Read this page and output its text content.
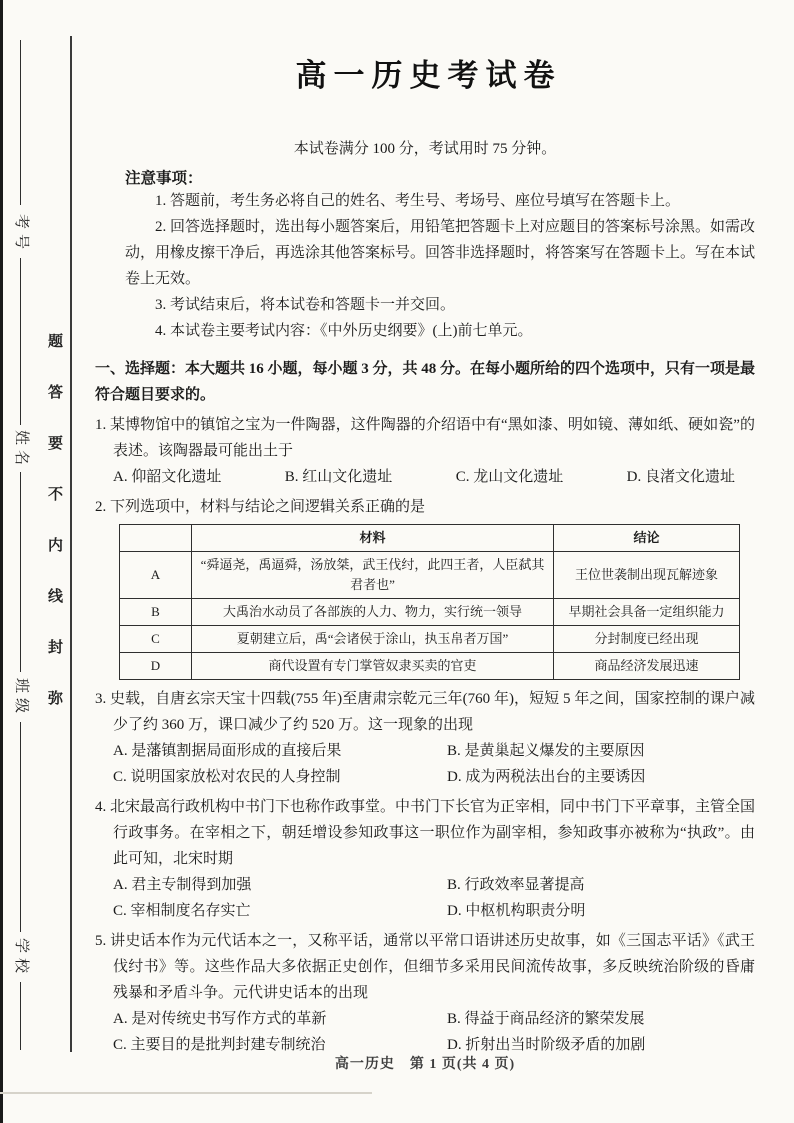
考号
姓名
班级
学校
题答要不内线封弥
高一历史考试卷

本试卷满分 100 分，考试用时 75 分钟。

注意事项：

1. 答题前，考生务必将自己的姓名、考生号、考场号、座位号填写在答题卡上。

2. 回答选择题时，选出每小题答案后，用铅笔把答题卡上对应题目的答案标号涂黑。如需改动，用橡皮擦干净后，再选涂其他答案标号。回答非选择题时，将答案写在答题卡上。写在本试卷上无效。

3. 考试结束后，将本试卷和答题卡一并交回。

4. 本试卷主要考试内容：《中外历史纲要》(上)前七单元。

一、选择题：本大题共 16 小题，每小题 3 分，共 48 分。在每小题所给的四个选项中，只有一项是最符合题目要求的。

1. 某博物馆中的镇馆之宝为一件陶器，这件陶器的介绍语中有“黑如漆、明如镜、薄如纸、硬如瓷”的表述。该陶器最可能出土于

A. 仰韶文化遗址	B. 红山文化遗址	C. 龙山文化遗址	D. 良渚文化遗址

2. 下列选项中，材料与结论之间逻辑关系正确的是

	材料	结论
A	“舜逼尧，禹逼舜，汤放桀，武王伐纣，此四王者，人臣弑其君者也”	王位世袭制出现瓦解迹象
B	大禹治水动员了各部族的人力、物力，实行统一领导	早期社会具备一定组织能力
C	夏朝建立后，禹“会诸侯于涂山，执玉帛者万国”	分封制度已经出现
D	商代设置有专门掌管奴隶买卖的官吏	商品经济发展迅速

3. 史载，自唐玄宗天宝十四载(755 年)至唐肃宗乾元三年(760 年)，短短 5 年之间，国家控制的课户减少了约 360 万，课口减少了约 520 万。这一现象的出现

A. 是藩镇割据局面形成的直接后果	B. 是黄巢起义爆发的主要原因
C. 说明国家放松对农民的人身控制	D. 成为两税法出台的主要诱因

4. 北宋最高行政机构中书门下也称作政事堂。中书门下长官为正宰相，同中书门下平章事，主管全国行政事务。在宰相之下，朝廷增设参知政事这一职位作为副宰相，参知政事亦被称为“执政”。由此可知，北宋时期

A. 君主专制得到加强	B. 行政效率显著提高
C. 宰相制度名存实亡	D. 中枢机构职责分明

5. 讲史话本作为元代话本之一，又称平话，通常以平常口语讲述历史故事，如《三国志平话》《武王伐纣书》等。这些作品大多依据正史创作，但细节多采用民间流传故事，多反映统治阶级的昏庸残暴和矛盾斗争。元代讲史话本的出现

A. 是对传统史书写作方式的革新	B. 得益于商品经济的繁荣发展
C. 主要目的是批判封建专制统治	D. 折射出当时阶级矛盾的加剧
高一历史　第 1 页(共 4 页)
